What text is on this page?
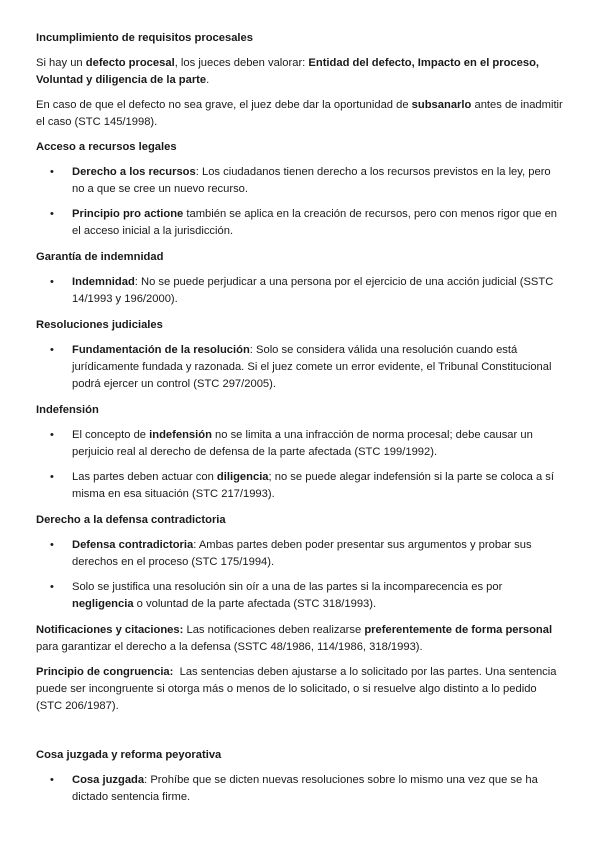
Incumplimiento de requisitos procesales
Si hay un defecto procesal, los jueces deben valorar: Entidad del defecto, Impacto en el proceso, Voluntad y diligencia de la parte.
En caso de que el defecto no sea grave, el juez debe dar la oportunidad de subsanarlo antes de inadmitir el caso (STC 145/1998).
Acceso a recursos legales
• Derecho a los recursos: Los ciudadanos tienen derecho a los recursos previstos en la ley, pero no a que se cree un nuevo recurso.
• Principio pro actione también se aplica en la creación de recursos, pero con menos rigor que en el acceso inicial a la jurisdicción.
Garantía de indemnidad
• Indemnidad: No se puede perjudicar a una persona por el ejercicio de una acción judicial (SSTC 14/1993 y 196/2000).
Resoluciones judiciales
• Fundamentación de la resolución: Solo se considera válida una resolución cuando está jurídicamente fundada y razonada. Si el juez comete un error evidente, el Tribunal Constitucional podrá ejercer un control (STC 297/2005).
Indefensión
• El concepto de indefensión no se limita a una infracción de norma procesal; debe causar un perjuicio real al derecho de defensa de la parte afectada (STC 199/1992).
• Las partes deben actuar con diligencia; no se puede alegar indefensión si la parte se coloca a sí misma en esa situación (STC 217/1993).
Derecho a la defensa contradictoria
• Defensa contradictoria: Ambas partes deben poder presentar sus argumentos y probar sus derechos en el proceso (STC 175/1994).
• Solo se justifica una resolución sin oír a una de las partes si la incomparecencia es por negligencia o voluntad de la parte afectada (STC 318/1993).
Notificaciones y citaciones: Las notificaciones deben realizarse preferentemente de forma personal para garantizar el derecho a la defensa (SSTC 48/1986, 114/1986, 318/1993).
Principio de congruencia:  Las sentencias deben ajustarse a lo solicitado por las partes. Una sentencia puede ser incongruente si otorga más o menos de lo solicitado, o si resuelve algo distinto a lo pedido (STC 206/1987).
Cosa juzgada y reforma peyorativa
• Cosa juzgada: Prohíbe que se dicten nuevas resoluciones sobre lo mismo una vez que se ha dictado sentencia firme.
